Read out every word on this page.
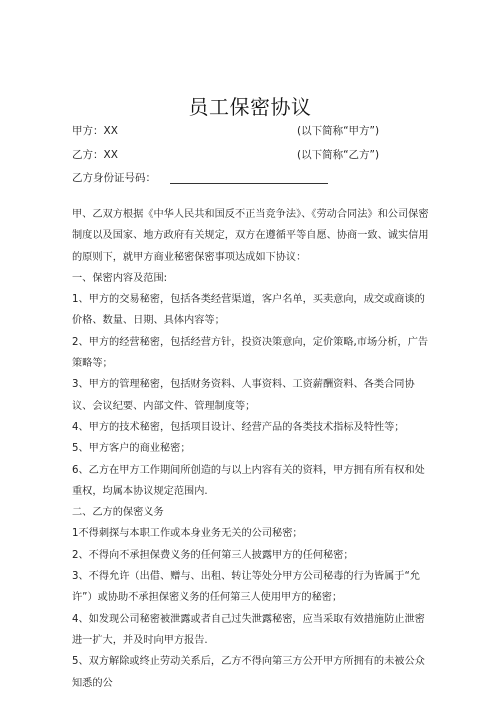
员工保密协议
甲方：XX	(以下简称“甲方”)
乙方：XX	(以下简称“乙方”)
乙方身份证号码：

甲、乙双方根据《中华人民共和国反不正当竞争法》、《劳动合同法》和公司保密制度以及国家、地方政府有关规定，双方在遵循平等自愿、协商一致、诚实信用的原则下，就甲方商业秘密保密事项达成如下协议：

一、保密内容及范围:

1、甲方的交易秘密，包括各类经营渠道，客户名单，买卖意向，成交或商谈的价格、数量、日期、具体内容等；

2、甲方的经营秘密，包括经营方针，投资决策意向，定价策略,市场分析，广告策略等；

3、甲方的管理秘密，包括财务资料、人事资料、工资薪酬资料、各类合同协议、会议纪要、内部文件、管理制度等；

4、甲方的技术秘密，包括项目设计、经营产品的各类技术指标及特性等；

5、甲方客户的商业秘密；

6、乙方在甲方工作期间所创造的与以上内容有关的资料，甲方拥有所有权和处重权，均属本协议规定范围内.

二、乙方的保密义务

1不得刺探与本职工作或本身业务无关的公司秘密；

2、不得向不承担保费义务的任何第三人披露甲方的任何秘密；

3、不得允许（出借、赠与、出租、转让等处分甲方公司秘毒的行为皆属于“允许”）或协助不承担保密义务的任何第三人使用甲方的秘密；

4、如发现公司秘密被泄露或者自己过失泄露秘密，应当采取有效措施防止泄密进一扩大，并及时向甲方报告.

5、双方解除或终止劳动关系后，乙方不得向第三方公开甲方所拥有的未被公众知悉的公
